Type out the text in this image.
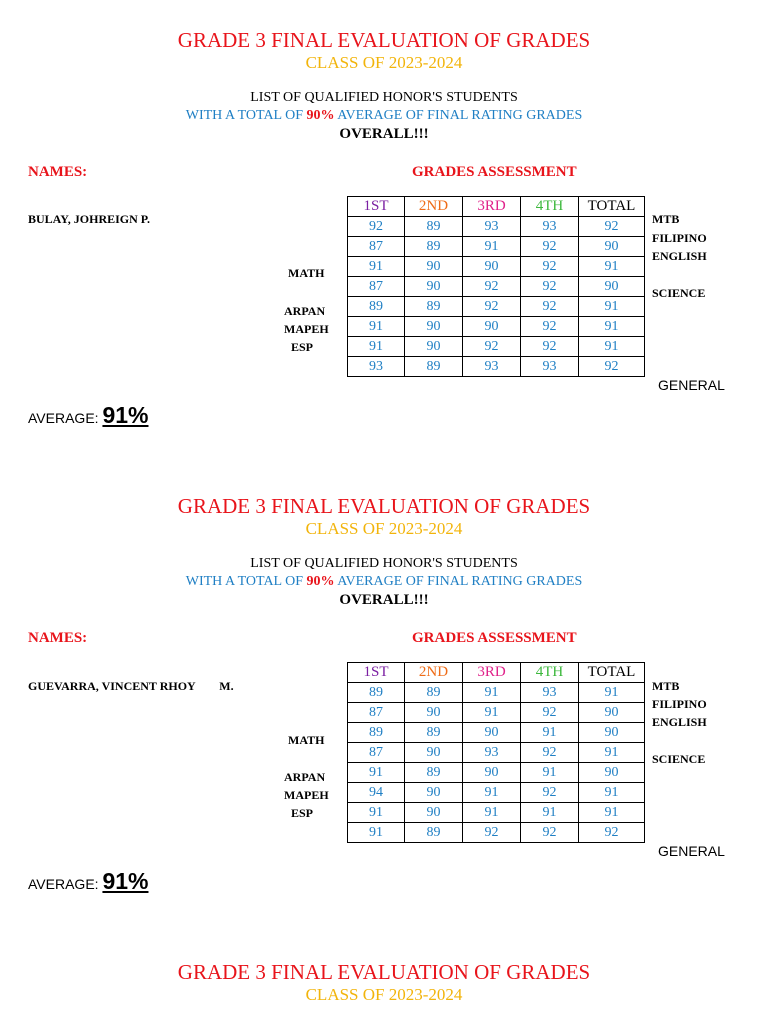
GRADE 3 FINAL EVALUATION OF GRADES
CLASS OF 2023-2024
LIST OF QUALIFIED HONOR'S STUDENTS
WITH A TOTAL OF 90% AVERAGE OF FINAL RATING GRADES
OVERALL!!!
NAMES:	GRADES ASSESSMENT
BULAY, JOHREIGN P.
MATH
ARPAN
MAPEH
ESP
MTB
FILIPINO
ENGLISH
SCIENCE
1ST	2ND	3RD	4TH	TOTAL
92	89	93	93	92
87	89	91	92	90
91	90	90	92	91
87	90	92	92	90
89	89	92	92	91
91	90	90	92	91
91	90	92	92	91
93	89	93	93	92
GENERAL
AVERAGE: 91%
GRADE 3 FINAL EVALUATION OF GRADES
CLASS OF 2023-2024
LIST OF QUALIFIED HONOR'S STUDENTS
WITH A TOTAL OF 90% AVERAGE OF FINAL RATING GRADES
OVERALL!!!
NAMES:	GRADES ASSESSMENT
GUEVARRA, VINCENT RHOY        M.
MATH
ARPAN
MAPEH
ESP
MTB
FILIPINO
ENGLISH
SCIENCE
1ST	2ND	3RD	4TH	TOTAL
89	89	91	93	91
87	90	91	92	90
89	89	90	91	90
87	90	93	92	91
91	89	90	91	90
94	90	91	92	91
91	90	91	91	91
91	89	92	92	92
GENERAL
AVERAGE: 91%
GRADE 3 FINAL EVALUATION OF GRADES
CLASS OF 2023-2024
